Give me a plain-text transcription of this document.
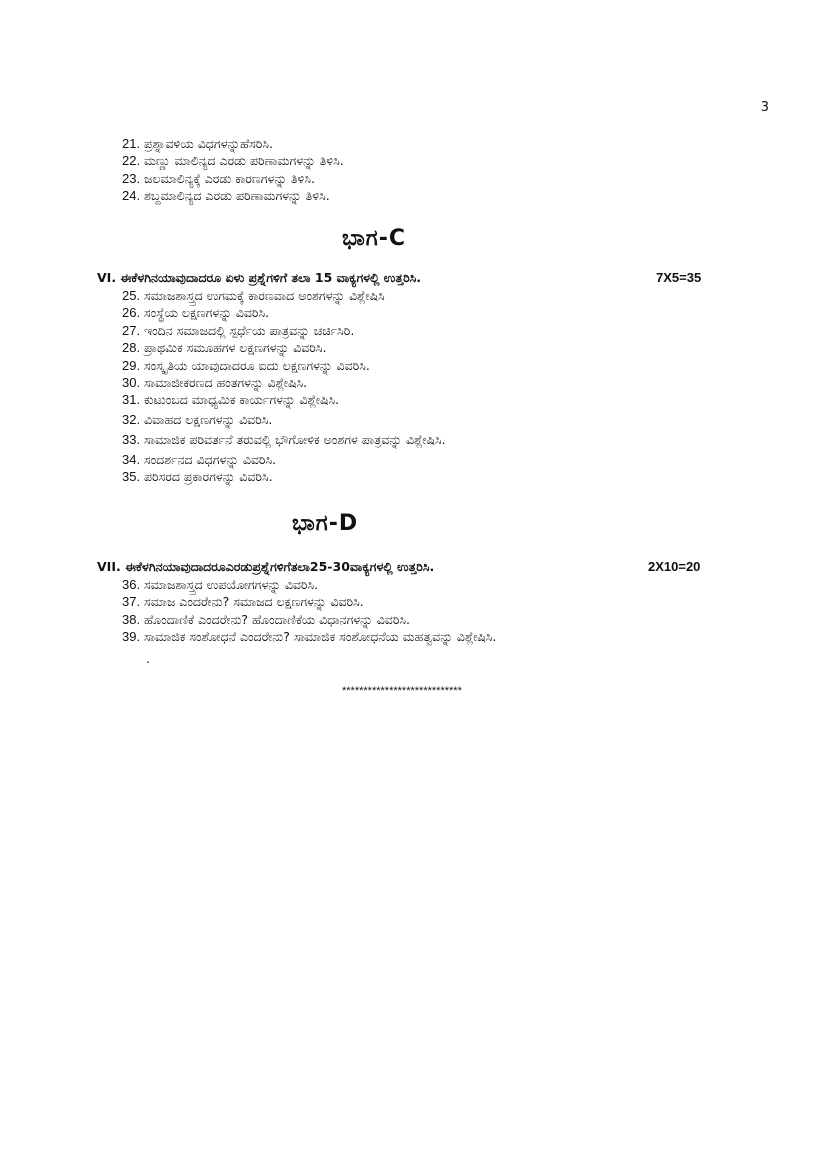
3
21. ಪ್ರಶ್ನಾವಳಿಯ ವಿಧಗಳನ್ನುಹೆಸರಿಸಿ.
22. ಮಣ್ಣು ಮಾಲಿನ್ಯದ ಎರಡು ಪರಿಣಾಮಗಳನ್ನು ತಿಳಿಸಿ.
23. ಜಲಮಾಲಿನ್ಯಕ್ಕೆ ಎರಡು ಕಾರಣಗಳನ್ನು ತಿಳಿಸಿ.
24. ಶಬ್ದಮಾಲಿನ್ಯದ ಎರಡು ಪರಿಣಾಮಗಳನ್ನು ತಿಳಿಸಿ.
ಭಾಗ-C
VI. ಈಕೆಳಗಿನಯಾವುದಾದರೂ ಏಳು ಪ್ರಶ್ನೆಗಳಿಗೆ ತಲಾ 15 ವಾಕ್ಯಗಳಲ್ಲಿ ಉತ್ತರಿಸಿ.	7X5=35
25. ಸಮಾಜಶಾಸ್ತ್ರದ ಉಗಮಕ್ಕೆ ಕಾರಣವಾದ ಅಂಶಗಳನ್ನು ವಿಶ್ಲೇಷಿಸಿ
26. ಸಂಸ್ಥೆಯ ಲಕ್ಷಣಗಳನ್ನು ವಿವರಿಸಿ.
27. ಇಂದಿನ ಸಮಾಜದಲ್ಲಿ ಸ್ಪರ್ಧೆಯ ಪಾತ್ರವನ್ನು ಚರ್ಚಿಸಿರಿ.
28. ಪ್ರಾಥಮಿಕ ಸಮೂಹಗಳ ಲಕ್ಷಣಗಳನ್ನು ವಿವರಿಸಿ.
29. ಸಂಸ್ಕೃತಿಯ ಯಾವುದಾದರೂ ಐದು ಲಕ್ಷಣಗಳನ್ನು ವಿವರಿಸಿ.
30. ಸಾಮಾಜೀಕರಣದ ಹಂತಗಳನ್ನು ವಿಶ್ಲೇಷಿಸಿ.
31. ಕುಟುಂಬದ ಮಾಧ್ಯಮಿಕ ಕಾರ್ಯಗಳನ್ನು ವಿಶ್ಲೇಷಿಸಿ.
32. ವಿವಾಹದ ಲಕ್ಷಣಗಳನ್ನು ವಿವರಿಸಿ.
33. ಸಾಮಾಜಿಕ ಪರಿವರ್ತನೆ ತರುವಲ್ಲಿ ಭೌಗೋಳಿಕ ಅಂಶಗಳ ಪಾತ್ರವನ್ನು ವಿಶ್ಲೇಷಿಸಿ.
34. ಸಂದರ್ಶನದ ವಿಧಗಳನ್ನು ವಿವರಿಸಿ.
35. ಪರಿಸರದ ಪ್ರಕಾರಗಳನ್ನು ವಿವರಿಸಿ.
ಭಾಗ-D
VII. ಈಕೆಳಗಿನಯಾವುದಾದರೂಎರಡುಪ್ರಶ್ನೆಗಳಿಗೆತಲಾ25-30ವಾಕ್ಯಗಳಲ್ಲಿ ಉತ್ತರಿಸಿ.	2X10=20
36. ಸಮಾಜಶಾಸ್ತ್ರದ ಉಪಯೋಗಗಳನ್ನು ವಿವರಿಸಿ.
37. ಸಮಾಜ ಎಂದರೇನು? ಸಮಾಜದ ಲಕ್ಷಣಗಳನ್ನು ವಿವರಿಸಿ.
38. ಹೊಂದಾಣಿಕೆ ಎಂದರೇನು? ಹೊಂದಾಣಿಕೆಯ ವಿಧಾನಗಳನ್ನು ವಿವರಿಸಿ.
39. ಸಾಮಾಜಿಕ ಸಂಶೋಧನೆ ಎಂದರೇನು? ಸಾಮಾಜಿಕ ಸಂಶೋಧನೆಯ ಮಹತ್ವವನ್ನು ವಿಶ್ಲೇಷಿಸಿ.
.
****************************
